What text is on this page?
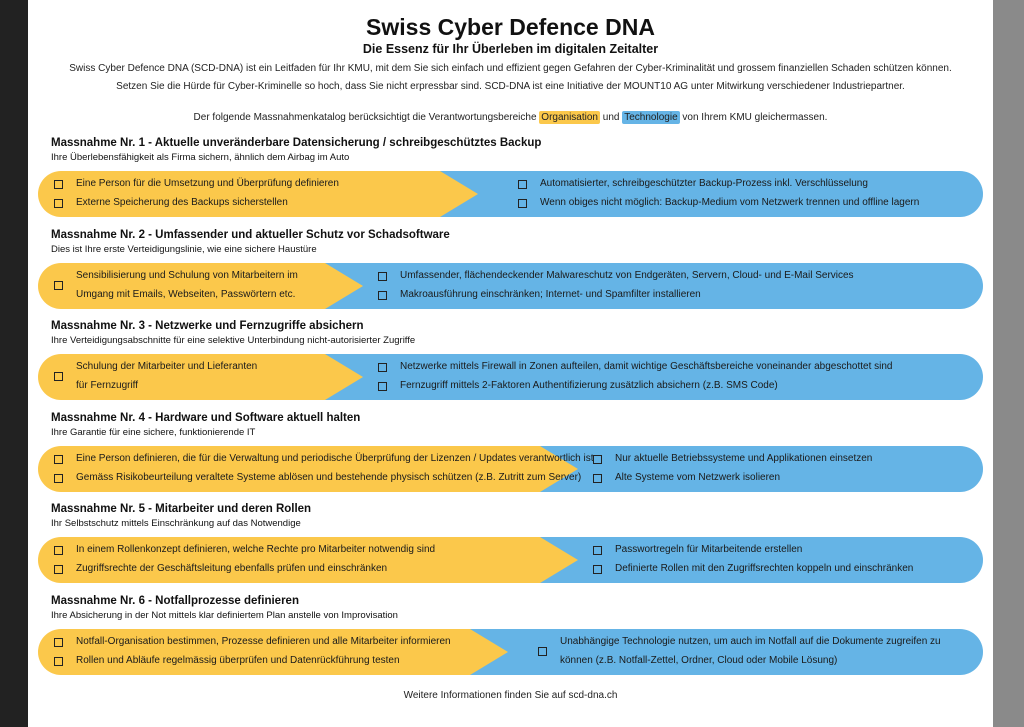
Swiss Cyber Defence DNA
Die Essenz für Ihr Überleben im digitalen Zeitalter
Swiss Cyber Defence DNA (SCD-DNA) ist ein Leitfaden für Ihr KMU, mit dem Sie sich einfach und effizient gegen Gefahren der Cyber-Kriminalität und grossem finanziellen Schaden schützen können.
Setzen Sie die Hürde für Cyber-Kriminelle so hoch, dass Sie nicht erpressbar sind. SCD-DNA ist eine Initiative der MOUNT10 AG unter Mitwirkung verschiedener Industriepartner.
Der folgende Massnahmenkatalog berücksichtigt die Verantwortungsbereiche Organisation und Technologie von Ihrem KMU gleichermassen.
Massnahme Nr. 1 - Aktuelle unveränderbare Datensicherung / schreibgeschütztes Backup
Ihre Überlebensfähigkeit als Firma sichern, ähnlich dem Airbag im Auto
Eine Person für die Umsetzung und Überprüfung definieren
Externe Speicherung des Backups sicherstellen
Automatisierter, schreibgeschützter Backup-Prozess inkl. Verschlüsselung
Wenn obiges nicht möglich: Backup-Medium vom Netzwerk trennen und offline lagern
Massnahme Nr. 2 - Umfassender und aktueller Schutz vor Schadsoftware
Dies ist Ihre erste Verteidigungslinie, wie eine sichere Haustüre
Sensibilisierung und Schulung von Mitarbeitern im
Umgang mit Emails, Webseiten, Passwörtern etc.
Umfassender, flächendeckender Malwareschutz von Endgeräten, Servern, Cloud- und E-Mail Services
Makroausführung einschränken; Internet- und Spamfilter installieren
Massnahme Nr. 3 - Netzwerke und Fernzugriffe absichern
Ihre Verteidigungsabschnitte für eine selektive Unterbindung nicht-autorisierter Zugriffe
Schulung der Mitarbeiter und Lieferanten
für Fernzugriff
Netzwerke mittels Firewall in Zonen aufteilen, damit wichtige Geschäftsbereiche voneinander abgeschottet sind
Fernzugriff mittels 2-Faktoren Authentifizierung zusätzlich absichern (z.B. SMS Code)
Massnahme Nr. 4 - Hardware und Software aktuell halten
Ihre Garantie für eine sichere, funktionierende IT
Eine Person definieren, die für die Verwaltung und periodische Überprüfung der Lizenzen / Updates verantwortlich ist
Gemäss Risikobeurteilung veraltete Systeme ablösen und bestehende physisch schützen (z.B. Zutritt zum Server)
Nur aktuelle Betriebssysteme und Applikationen einsetzen
Alte Systeme vom Netzwerk isolieren
Massnahme Nr. 5 - Mitarbeiter und deren Rollen
Ihr Selbstschutz mittels Einschränkung auf das Notwendige
In einem Rollenkonzept definieren, welche Rechte pro Mitarbeiter notwendig sind
Zugriffsrechte der Geschäftsleitung ebenfalls prüfen und einschränken
Passwortregeln für Mitarbeitende erstellen
Definierte Rollen mit den Zugriffsrechten koppeln und einschränken
Massnahme Nr. 6 - Notfallprozesse definieren
Ihre Absicherung in der Not mittels klar definiertem Plan anstelle von Improvisation
Notfall-Organisation bestimmen, Prozesse definieren und alle Mitarbeiter informieren
Rollen und Abläufe regelmässig überprüfen und Datenrückführung testen
Unabhängige Technologie nutzen, um auch im Notfall auf die Dokumente zugreifen zu
können (z.B. Notfall-Zettel, Ordner, Cloud oder Mobile Lösung)
Weitere Informationen finden Sie auf scd-dna.ch
